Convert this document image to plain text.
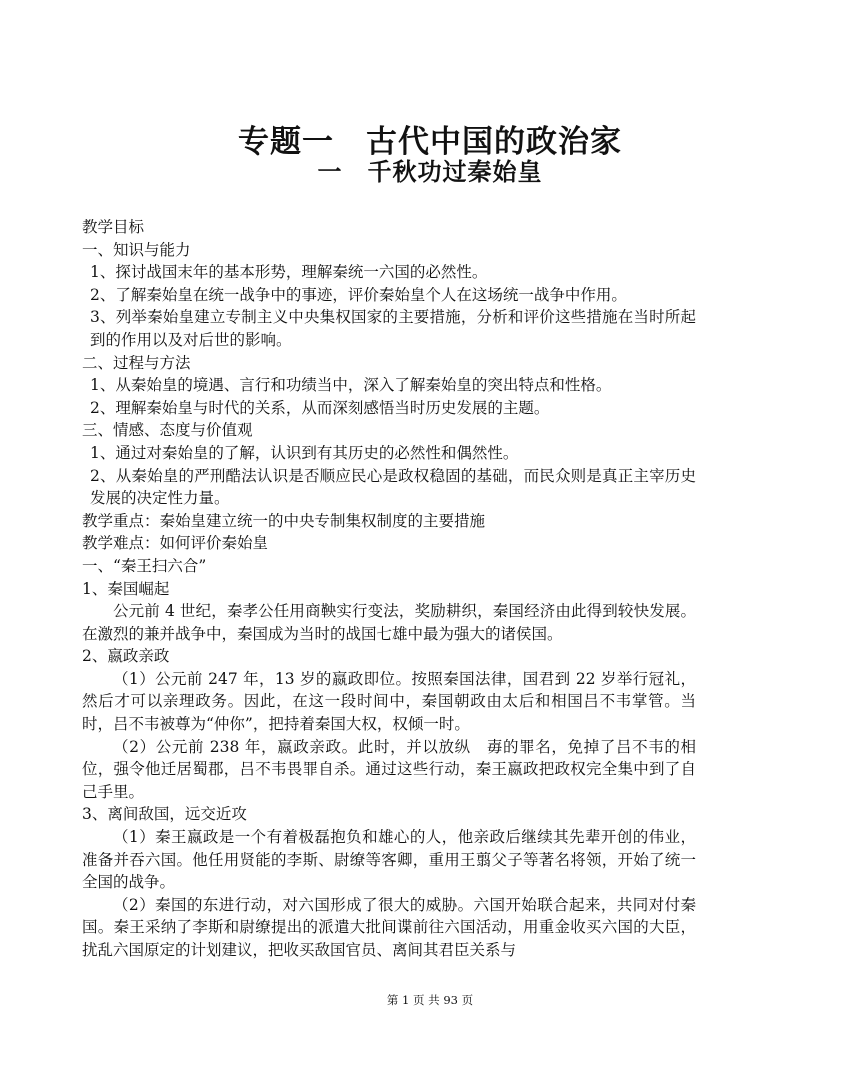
专题一　古代中国的政治家
一　千秋功过秦始皇

教学目标

一、知识与能力

1、探讨战国末年的基本形势，理解秦统一六国的必然性。

2、了解秦始皇在统一战争中的事迹，评价秦始皇个人在这场统一战争中作用。

3、列举秦始皇建立专制主义中央集权国家的主要措施，分析和评价这些措施在当时所起到的作用以及对后世的影响。

二、过程与方法

1、从秦始皇的境遇、言行和功绩当中，深入了解秦始皇的突出特点和性格。

2、理解秦始皇与时代的关系，从而深刻感悟当时历史发展的主题。

三、情感、态度与价值观

1、通过对秦始皇的了解，认识到有其历史的必然性和偶然性。

2、从秦始皇的严刑酷法认识是否顺应民心是政权稳固的基础，而民众则是真正主宰历史发展的决定性力量。

教学重点：秦始皇建立统一的中央专制集权制度的主要措施

教学难点：如何评价秦始皇

一、“秦王扫六合”

1、秦国崛起

公元前 4 世纪，秦孝公任用商鞅实行变法，奖励耕织，秦国经济由此得到较快发展。在激烈的兼并战争中，秦国成为当时的战国七雄中最为强大的诸侯国。

2、嬴政亲政

（1）公元前 247 年，13 岁的嬴政即位。按照秦国法律，国君到 22 岁举行冠礼，然后才可以亲理政务。因此，在这一段时间中，秦国朝政由太后和相国吕不韦掌管。当时，吕不韦被尊为“仲你”，把持着秦国大权，权倾一时。

（2）公元前 238 年，嬴政亲政。此时，并以放纵　毐的罪名，免掉了吕不韦的相位，强令他迁居蜀郡，吕不韦畏罪自杀。通过这些行动，秦王嬴政把政权完全集中到了自己手里。

3、离间敌国，远交近攻

（1）秦王嬴政是一个有着极磊抱负和雄心的人，他亲政后继续其先辈开创的伟业，准备并吞六国。他任用贤能的李斯、尉缭等客卿，重用王翦父子等著名将领，开始了统一全国的战争。

（2）秦国的东进行动，对六国形成了很大的威胁。六国开始联合起来，共同对付秦国。秦王采纳了李斯和尉缭提出的派遣大批间谍前往六国活动，用重金收买六国的大臣，扰乱六国原定的计划建议，把收买敌国官员、离间其君臣关系与

第 1 页 共 93 页
